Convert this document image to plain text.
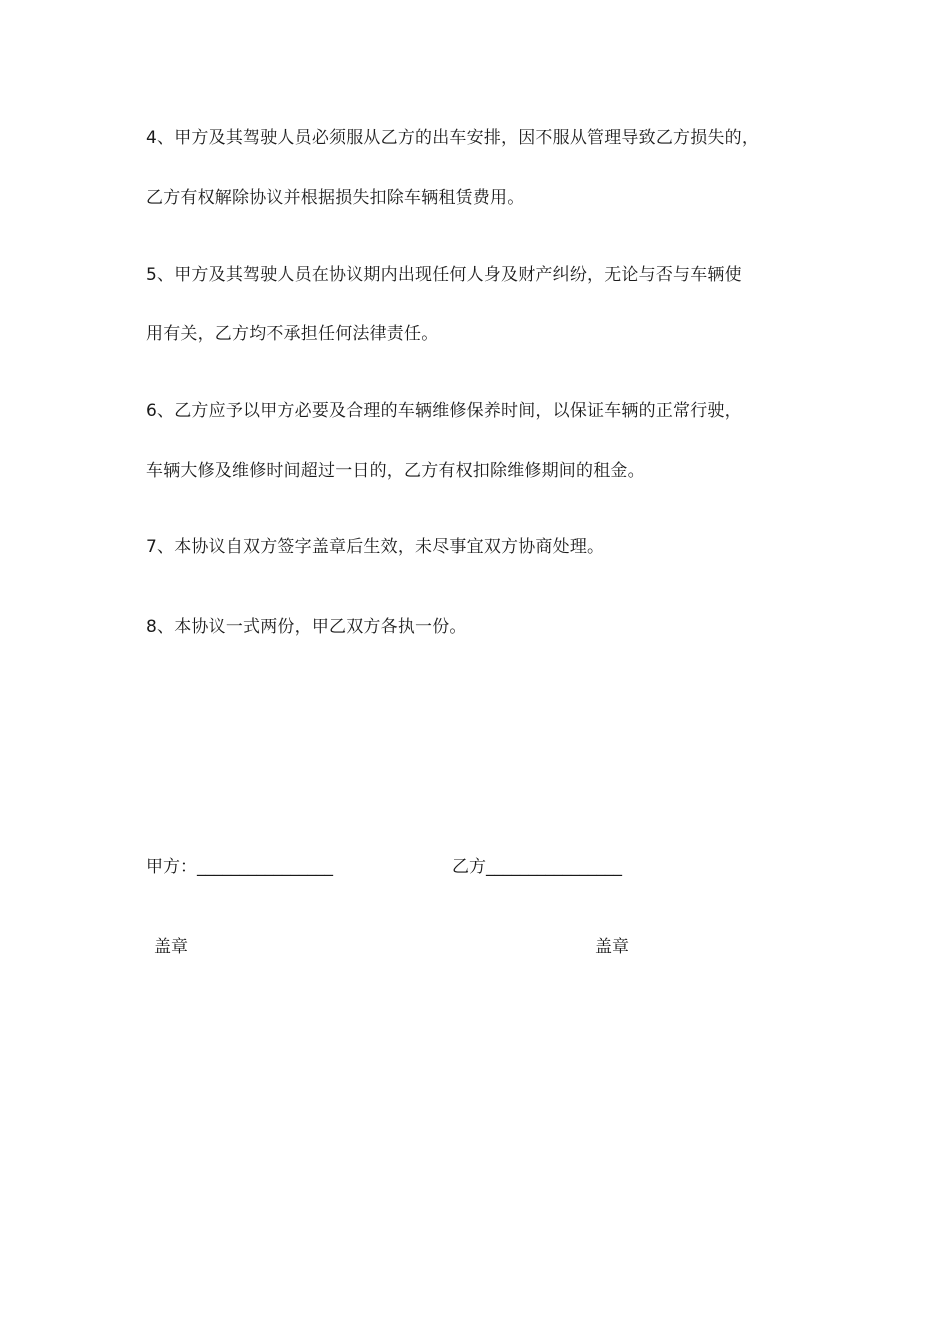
4、甲方及其驾驶人员必须服从乙方的出车安排，因不服从管理导致乙方损失的，
乙方有权解除协议并根据损失扣除车辆租赁费用。
5、甲方及其驾驶人员在协议期内出现任何人身及财产纠纷，无论与否与车辆使
用有关，乙方均不承担任何法律责任。
6、乙方应予以甲方必要及合理的车辆维修保养时间，以保证车辆的正常行驶，
车辆大修及维修时间超过一日的，乙方有权扣除维修期间的租金。
7、本协议自双方签字盖章后生效，未尽事宜双方协商处理。
8、本协议一式两份，甲乙双方各执一份。
甲方：________________	乙方________________
盖章	盖章
